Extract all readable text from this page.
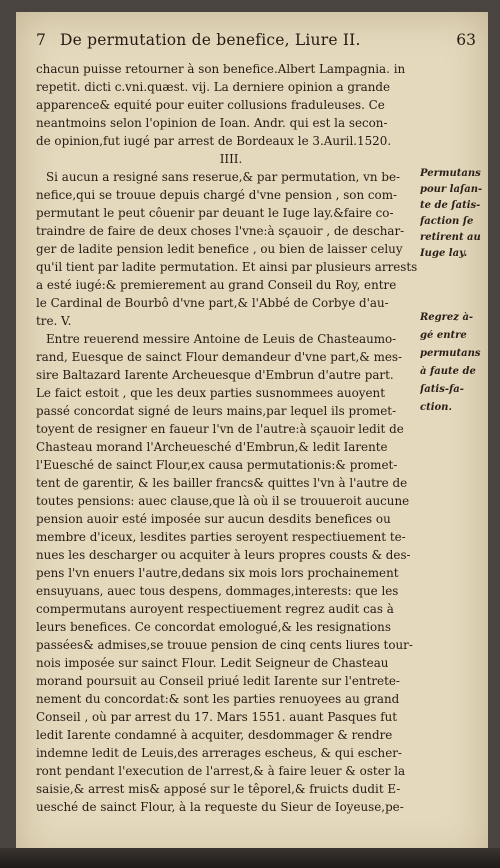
7 De permutation de benefice, Liure II.	63
chacun puisse retourner à son benefice.Albert Lampagnia. in
repetit. dicti c.vni.quæst. vij. La derniere opinion a grande
apparence& equité pour euiter collusions fraduleuses. Ce
neantmoins selon l'opinion de Ioan. Andr. qui est la secon-
de opinion,fut iugé par arrest de Bordeaux le 3.Auril.1520.
IIII.
Si aucun a resigné sans reserue,& par permutation, vn be-
nefice,qui se trouue depuis chargé d'vne pension , son com-
permutant le peut côuenir par deuant le Iuge lay.&faire co-
traindre de faire de deux choses l'vne:à sçauoir , de deschar-
ger de ladite pension ledit benefice , ou bien de laisser celuy
qu'il tient par ladite permutation. Et ainsi par plusieurs arrests
a esté iugé:& premierement au grand Conseil du Roy, entre
le Cardinal de Bourbô d'vne part,& l'Abbé de Corbye d'au-
tre. V.
Entre reuerend messire Antoine de Leuis de Chasteaumo-
rand, Euesque de sainct Flour demandeur d'vne part,& mes-
sire Baltazard Iarente Archeuesque d'Embrun d'autre part.
Le faict estoit , que les deux parties susnommees auoyent
passé concordat signé de leurs mains,par lequel ils promet-
toyent de resigner en faueur l'vn de l'autre:à sçauoir ledit de
Chasteau morand l'Archeuesché d'Embrun,& ledit Iarente
l'Euesché de sainct Flour,ex causa permutationis:& promet-
tent de garentir, & les bailler francs& quittes l'vn à l'autre de
toutes pensions: auec clause,que là où il se trouueroit aucune
pension auoir esté imposée sur aucun desdits benefices ou
membre d'iceux, lesdites parties seroyent respectiuement te-
nues les descharger ou acquiter à leurs propres cousts & des-
pens l'vn enuers l'autre,dedans six mois lors prochainement
ensuyuans, auec tous despens, dommages,interests: que les
compermutans auroyent respectiuement regrez audit cas à
leurs benefices. Ce concordat emologué,& les resignations
passées& admises,se trouue pension de cinq cents liures tour-
nois imposée sur sainct Flour. Ledit Seigneur de Chasteau
morand poursuit au Conseil priué ledit Iarente sur l'entrete-
nement du concordat:& sont les parties renuoyees au grand
Conseil , où par arrest du 17. Mars 1551. auant Pasques fut
ledit Iarente condamné à acquiter, desdommager & rendre
indemne ledit de Leuis,des arrerages escheus, & qui escher-
ront pendant l'execution de l'arrest,& à faire leuer & oster la
saisie,& arrest mis& apposé sur le têporel,& fruicts dudit E-
uesché de sainct Flour, à la requeste du Sieur de Ioyeuse,pe-
Permutans
pour laſan-
te de ſatis-
faction ſe
retirent au
Iuge lay.
Regrez à-
gé entre
permutans
à faute de
ſatis-fa-
ction.
